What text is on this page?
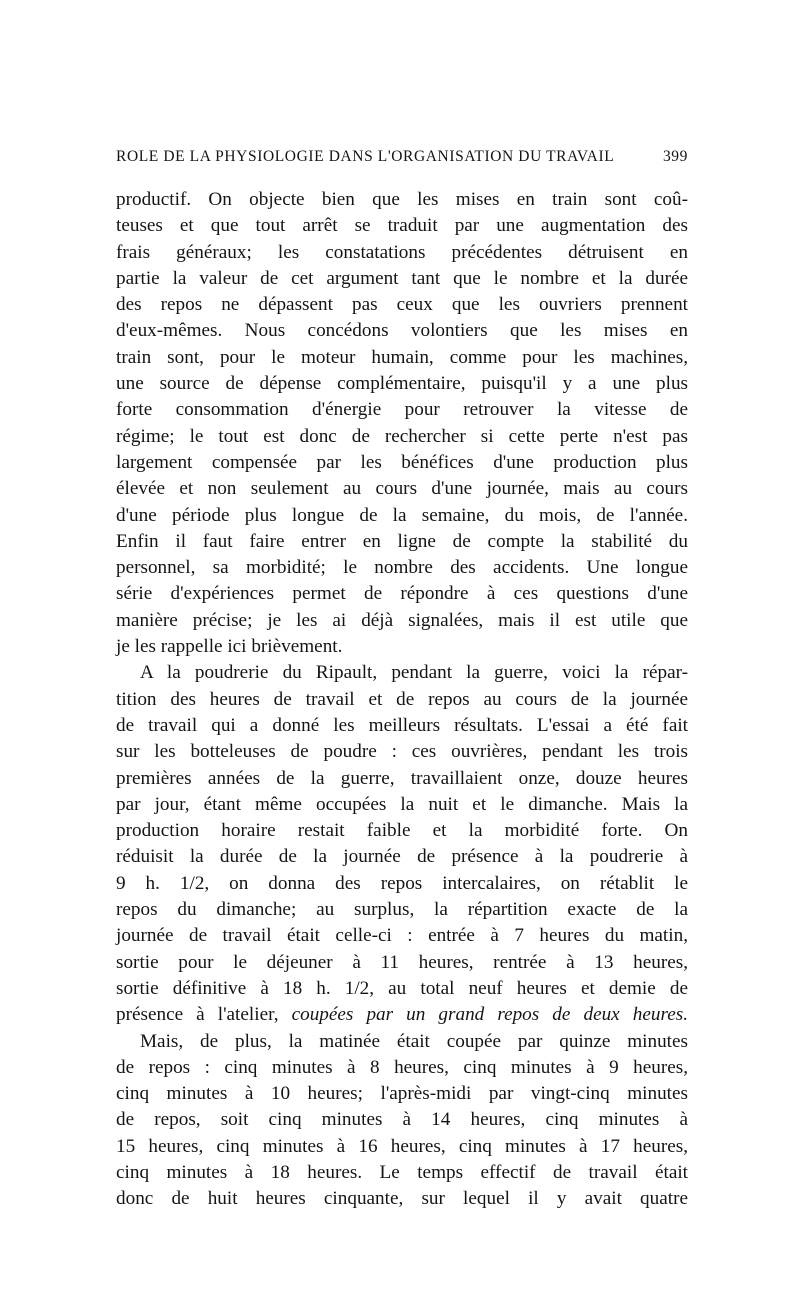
ROLE DE LA PHYSIOLOGIE DANS L'ORGANISATION DU TRAVAIL	399
productif. On objecte bien que les mises en train sont coû-
teuses et que tout arrêt se traduit par une augmentation des
frais généraux; les constatations précédentes détruisent en
partie la valeur de cet argument tant que le nombre et la durée
des repos ne dépassent pas ceux que les ouvriers prennent
d'eux-mêmes. Nous concédons volontiers que les mises en
train sont, pour le moteur humain, comme pour les machines,
une source de dépense complémentaire, puisqu'il y a une plus
forte consommation d'énergie pour retrouver la vitesse de
régime; le tout est donc de rechercher si cette perte n'est pas
largement compensée par les bénéfices d'une production plus
élevée et non seulement au cours d'une journée, mais au cours
d'une période plus longue de la semaine, du mois, de l'année.
Enfin il faut faire entrer en ligne de compte la stabilité du
personnel, sa morbidité; le nombre des accidents. Une longue
série d'expériences permet de répondre à ces questions d'une
manière précise; je les ai déjà signalées, mais il est utile que
je les rappelle ici brièvement.
A la poudrerie du Ripault, pendant la guerre, voici la répar-
tition des heures de travail et de repos au cours de la journée
de travail qui a donné les meilleurs résultats. L'essai a été fait
sur les botteleuses de poudre : ces ouvrières, pendant les trois
premières années de la guerre, travaillaient onze, douze heures
par jour, étant même occupées la nuit et le dimanche. Mais la
production horaire restait faible et la morbidité forte. On
réduisit la durée de la journée de présence à la poudrerie à
9 h. 1/2, on donna des repos intercalaires, on rétablit le
repos du dimanche; au surplus, la répartition exacte de la
journée de travail était celle-ci : entrée à 7 heures du matin,
sortie pour le déjeuner à 11 heures, rentrée à 13 heures,
sortie définitive à 18 h. 1/2, au total neuf heures et demie de
présence à l'atelier, coupées par un grand repos de deux heures.
Mais, de plus, la matinée était coupée par quinze minutes
de repos : cinq minutes à 8 heures, cinq minutes à 9 heures,
cinq minutes à 10 heures; l'après-midi par vingt-cinq minutes
de repos, soit cinq minutes à 14 heures, cinq minutes à
15 heures, cinq minutes à 16 heures, cinq minutes à 17 heures,
cinq minutes à 18 heures. Le temps effectif de travail était
donc de huit heures cinquante, sur lequel il y avait quatre
